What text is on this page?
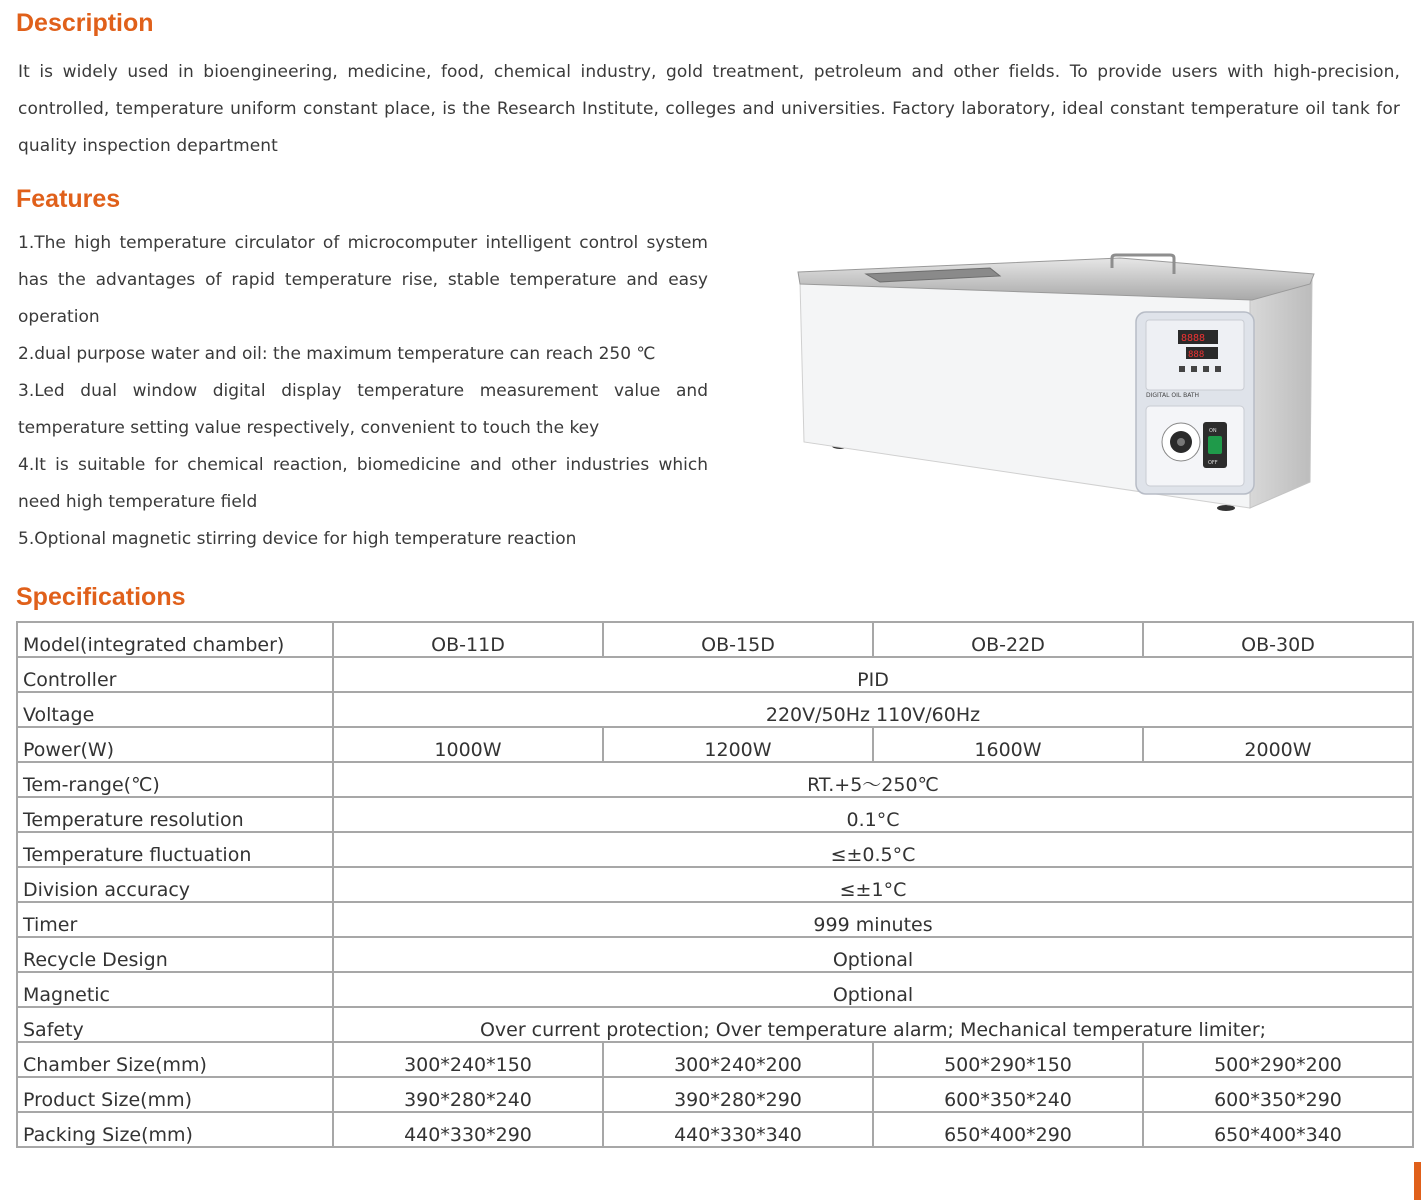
Description
It is widely used in bioengineering, medicine, food, chemical industry, gold treatment, petroleum and other fields. To provide users with high-precision, controlled, temperature uniform constant place, is the Research Institute, colleges and universities. Factory laboratory, ideal constant temperature oil tank for quality inspection department
Features
1.The high temperature circulator of microcomputer intelligent control system has the advantages of rapid temperature rise, stable temperature and easy operation
2.dual purpose water and oil: the maximum temperature can reach 250 ℃
3.Led dual window digital display temperature measurement value and temperature setting value respectively, convenient to touch the key
4.It is suitable for chemical reaction, biomedicine and other industries which need high temperature field
5.Optional magnetic stirring device for high temperature reaction
8888
888
DIGITAL OIL BATH
ON
OFF
Specifications
Model(integrated chamber)	OB-11D	OB-15D	OB-22D	OB-30D
Controller	PID			
Voltage	220V/50Hz 110V/60Hz			
Power(W)	1000W	1200W	1600W	2000W
Tem-range(℃)	RT.+5～250℃			
Temperature resolution	0.1°C			
Temperature fluctuation	≤±0.5°C			
Division accuracy	≤±1°C			
Timer	999 minutes			
Recycle Design	Optional			
Magnetic	Optional			
Safety	Over current protection; Over temperature alarm; Mechanical temperature limiter;			
Chamber Size(mm)	300*240*150	300*240*200	500*290*150	500*290*200
Product Size(mm)	390*280*240	390*280*290	600*350*240	600*350*290
Packing Size(mm)	440*330*290	440*330*340	650*400*290	650*400*340
